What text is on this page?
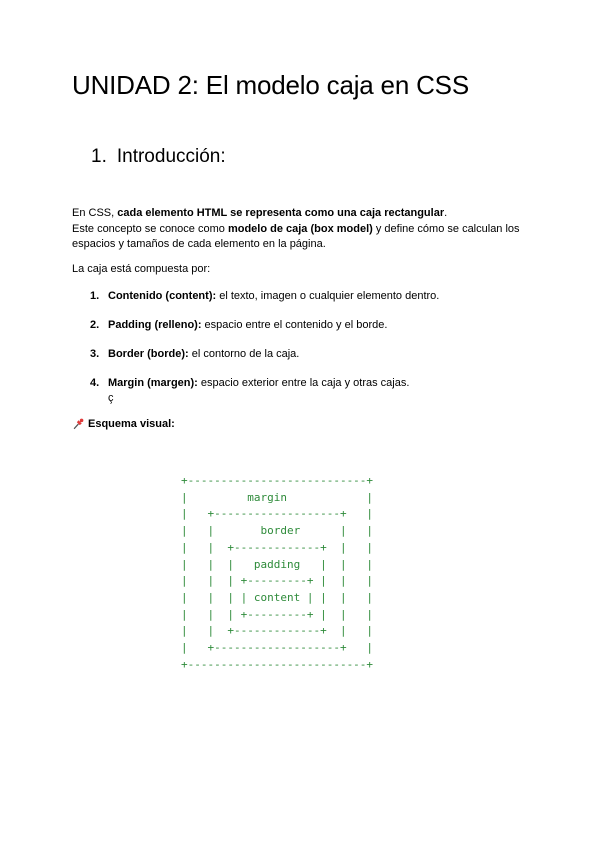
UNIDAD 2: El modelo caja en CSS
1. Introducción:

En CSS, cada elemento HTML se representa como una caja rectangular.
Este concepto se conoce como modelo de caja (box model) y define cómo se calculan los espacios y tamaños de cada elemento en la página.

La caja está compuesta por:

1. Contenido (content): el texto, imagen o cualquier elemento dentro.
2. Padding (relleno): espacio entre el contenido y el borde.
3. Border (borde): el contorno de la caja.
4. Margin (margen): espacio exterior entre la caja y otras cajas.
ç
Esquema visual:
+---------------------------+
|         margin            |
|   +-------------------+   |
|   |       border      |   |
|   |  +-------------+  |   |
|   |  |   padding   |  |   |
|   |  | +---------+ |  |   |
|   |  | | content | |  |   |
|   |  | +---------+ |  |   |
|   |  +-------------+  |   |
|   +-------------------+   |
+---------------------------+
